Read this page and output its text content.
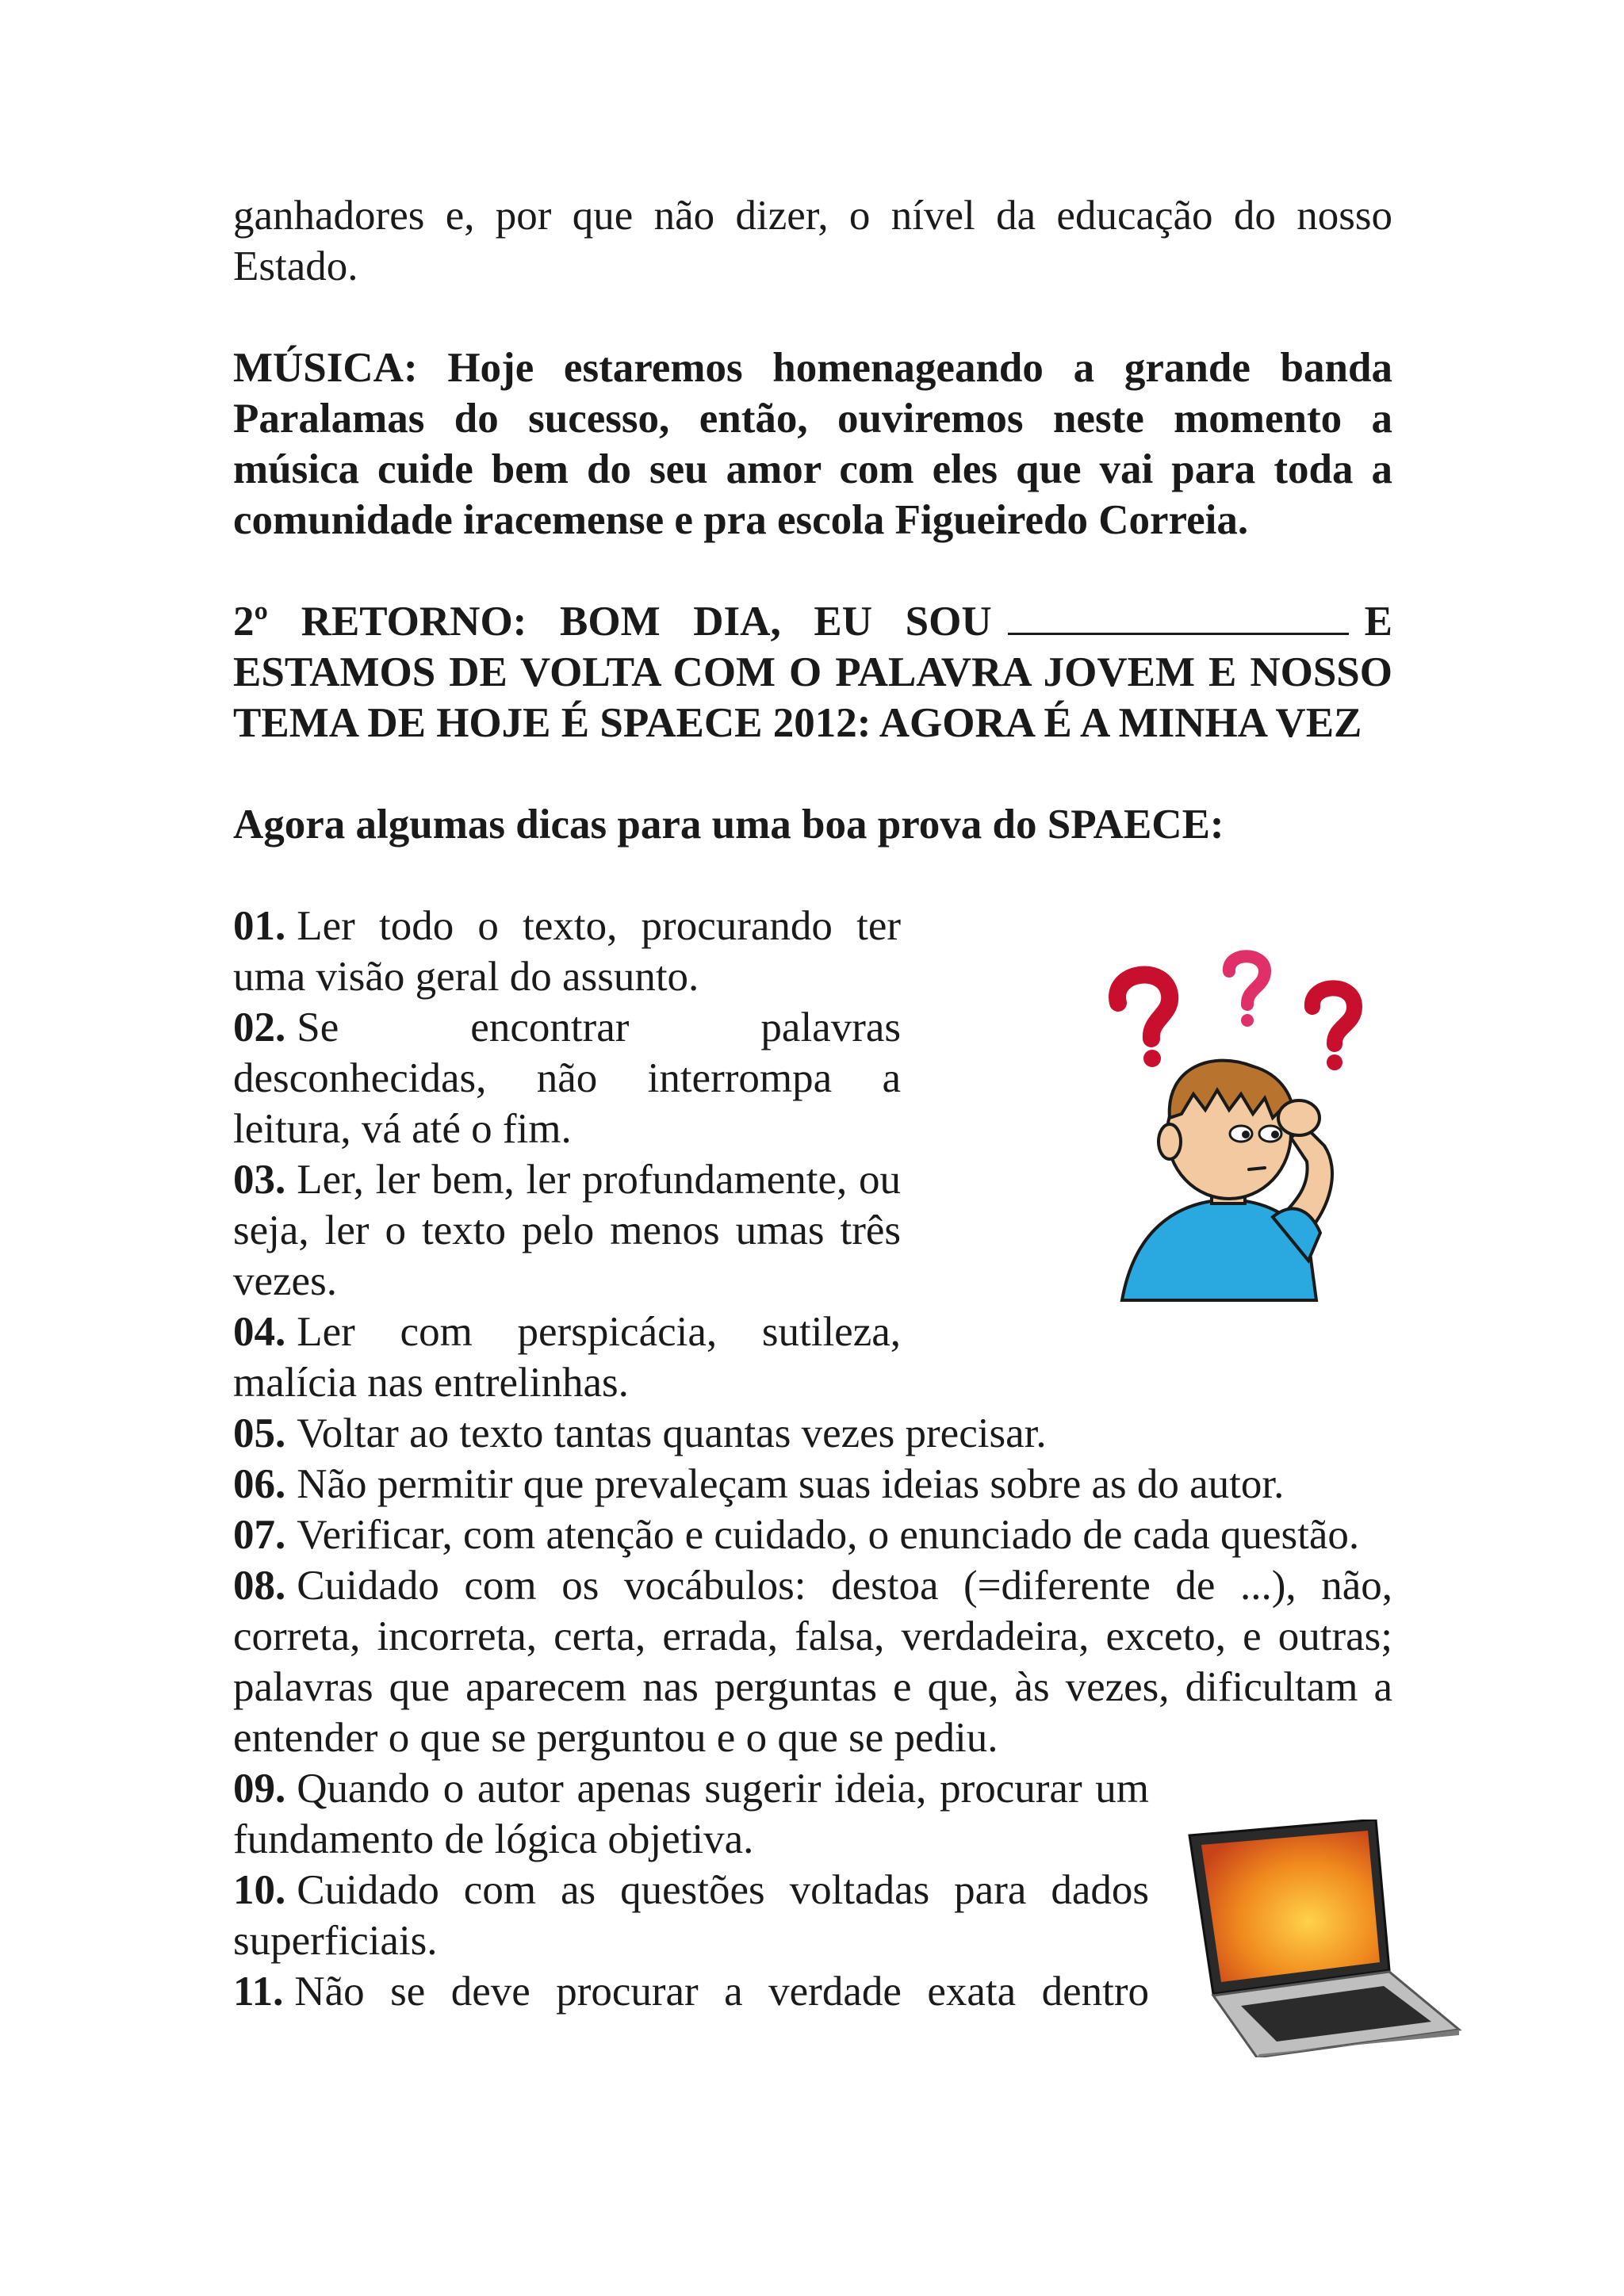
ganhadores e, por que não dizer, o nível da educação do nosso Estado.

MÚSICA: Hoje estaremos homenageando a grande banda Paralamas do sucesso, então, ouviremos neste momento a música cuide bem do seu amor com eles que vai para toda a comunidade iracemense e pra escola Figueiredo Correia.

2º RETORNO: BOM DIA, EU SOU	E ESTAMOS DE VOLTA COM O PALAVRA JOVEM E NOSSO TEMA DE HOJE É SPAECE 2012: AGORA É A MINHA VEZ

Agora algumas dicas para uma boa prova do SPAECE:

01. Ler todo o texto, procurando ter uma visão geral do assunto.

02. Se encontrar palavras desconhecidas, não interrompa a leitura, vá até o fim.

03. Ler, ler bem, ler profundamente, ou seja, ler o texto pelo menos umas três vezes.

04. Ler com perspicácia, sutileza, malícia nas entrelinhas.

05. Voltar ao texto tantas quantas vezes precisar.

06. Não permitir que prevaleçam suas ideias sobre as do autor.

07. Verificar, com atenção e cuidado, o enunciado de cada questão.

08. Cuidado com os vocábulos: destoa (=diferente de ...), não, correta, incorreta, certa, errada, falsa, verdadeira, exceto, e outras; palavras que aparecem nas perguntas e que, às vezes, dificultam a entender o que se perguntou e o que se pediu.

09. Quando o autor apenas sugerir ideia, procurar um fundamento de lógica objetiva.

10. Cuidado com as questões voltadas para dados superficiais.

11. Não se deve procurar a verdade exata dentro
